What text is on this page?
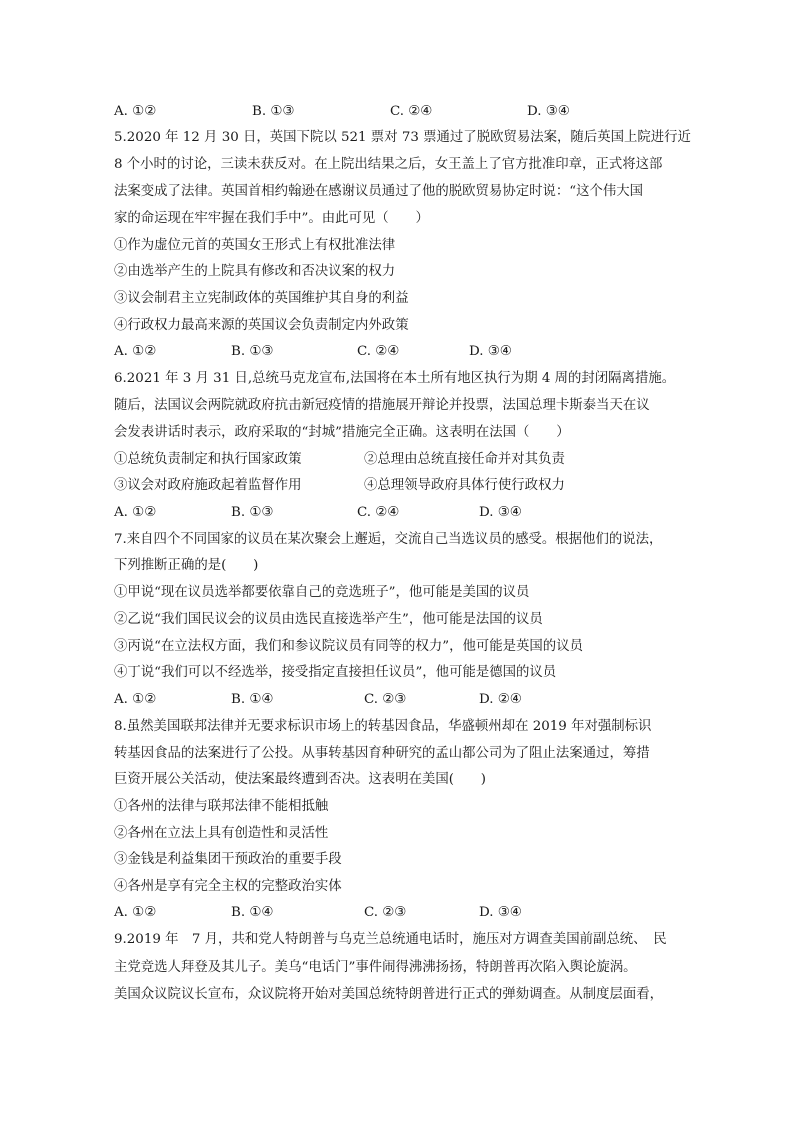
A. ①②	B. ①③	C. ②④	D. ③④
5.2020 年 12 月 30 日，英国下院以 521 票对 73 票通过了脱欧贸易法案，随后英国上院进行近
8 个小时的讨论，三读未获反对。在上院出结果之后，女王盖上了官方批准印章，正式将这部
法案变成了法律。英国首相约翰逊在感谢议员通过了他的脱欧贸易协定时说：“这个伟大国
家的命运现在牢牢握在我们手中”。由此可见（　　）
①作为虚位元首的英国女王形式上有权批准法律
②由选举产生的上院具有修改和否决议案的权力
③议会制君主立宪制政体的英国维护其自身的利益
④行政权力最高来源的英国议会负责制定内外政策
A. ①②	B. ①③	C. ②④	D. ③④
6.2021 年 3 月 31 日,总统马克龙宣布,法国将在本土所有地区执行为期 4 周的封闭隔离措施。
随后，法国议会两院就政府抗击新冠疫情的措施展开辩论并投票，法国总理卡斯泰当天在议
会发表讲话时表示，政府采取的“封城”措施完全正确。这表明在法国（　　）
①总统负责制定和执行国家政策	②总理由总统直接任命并对其负责
③议会对政府施政起着监督作用	④总理领导政府具体行使行政权力
A. ①②	B. ①③	C. ②④	D. ③④
7.来自四个不同国家的议员在某次聚会上邂逅，交流自己当选议员的感受。根据他们的说法，
下列推断正确的是(　　)
①甲说“现在议员选举都要依靠自己的竞选班子”，他可能是美国的议员
②乙说“我们国民议会的议员由选民直接选举产生”，他可能是法国的议员
③丙说“在立法权方面，我们和参议院议员有同等的权力”，他可能是英国的议员
④丁说“我们可以不经选举，接受指定直接担任议员”，他可能是德国的议员
A. ①②	B. ①④	C. ②③	D. ②④
8.虽然美国联邦法律并无要求标识市场上的转基因食品，华盛顿州却在 2019 年对强制标识
转基因食品的法案进行了公投。从事转基因育种研究的孟山都公司为了阻止法案通过，筹措
巨资开展公关活动，使法案最终遭到否决。这表明在美国(　　)
①各州的法律与联邦法律不能相抵触
②各州在立法上具有创造性和灵活性
③金钱是利益集团干预政治的重要手段
④各州是享有完全主权的完整政治实体
A. ①②	B. ①④	C. ②③	D. ③④
9.2019 年　7 月，共和党人特朗普与乌克兰总统通电话时，施压对方调查美国前副总统、　民
主党竞选人拜登及其儿子。美乌“电话门”事件闹得沸沸扬扬，特朗普再次陷入舆论旋涡。
美国众议院议长宣布，众议院将开始对美国总统特朗普进行正式的弹劾调查。从制度层面看，
